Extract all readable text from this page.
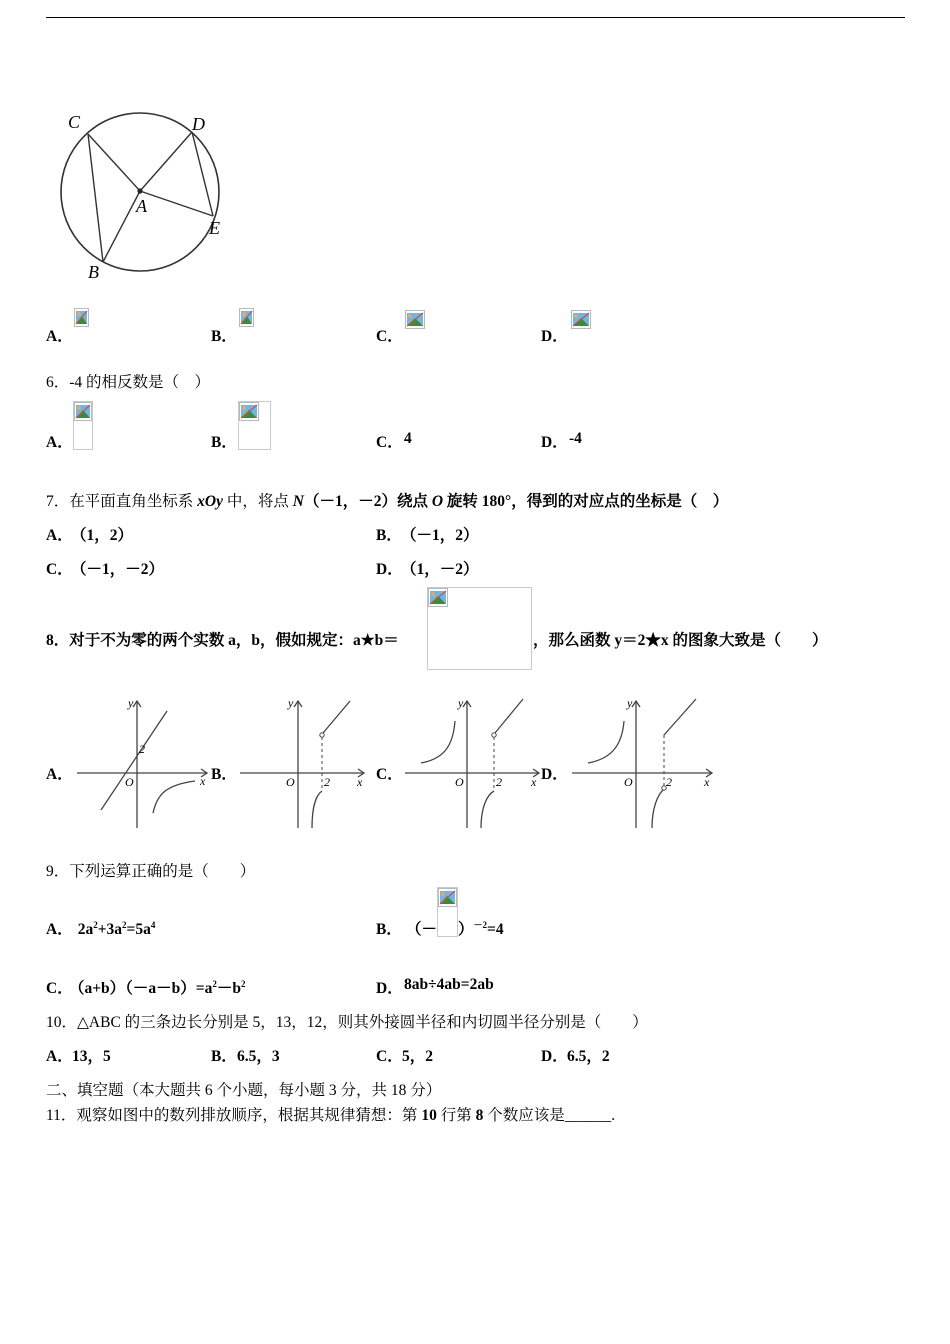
C	D
A
E
B
A．	B．	C．	D．
6．-4 的相反数是（　）
A．	B．	C． 4	D． -4
7．在平面直角坐标系 xOy 中，将点 N（－1，－2）绕点 O 旋转 180°，得到的对应点的坐标是（　）
A．
（1，2）	B． （－1，2）
C．
（－1，－2）	D．
（1，－2）
8．对于不为零的两个实数 a，b，假如规定：a★b＝	，那么函数 y＝2★x 的图象大致是（　　）
A．	B．	C．	D．
y
2
O	x
y
O 2 x
y
O	2 x
y
O	2	x
9．下列运算正确的是（　　）
A． $2a^2+3a^2=5a^4$	B． （－ ）$^{-2}$=4
C． $(a+b)(-a-b)=a^2-b^2$	D． 8ab÷4ab=2ab
10．△ABC 的三条边长分别是 5，13，12，则其外接圆半径和内切圆半径分别是（　　）
A． 13，5	B． 6.5，3	C． 5，2	D． 6.5，2
二、填空题（本大题共 6 个小题，每小题 3 分，共 18 分）
11．观察如图中的数列排放顺序，根据其规律猜想：第 10 行第 8 个数应该是______.
